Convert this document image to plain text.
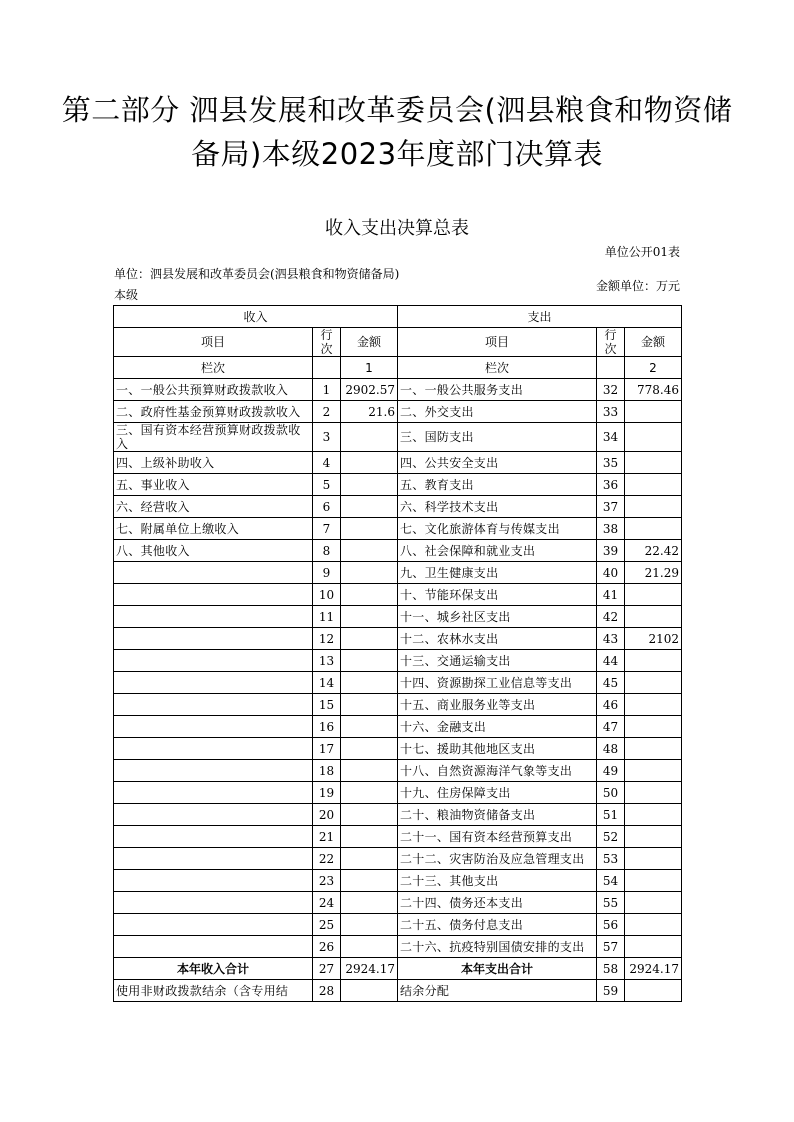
第二部分 泗县发展和改革委员会(泗县粮食和物资储备局)本级2023年度部门决算表
收入支出决算总表
单位公开01表
单位：泗县发展和改革委员会(泗县粮食和物资储备局)本级
金额单位：万元
收入			支出		
项目	行次	金额	项目	行次	金额
栏次		1	栏次		2
一、一般公共预算财政拨款收入	1	2902.57	一、一般公共服务支出	32	778.46
二、政府性基金预算财政拨款收入	2	21.6	二、外交支出	33	
三、国有资本经营预算财政拨款收入	3		三、国防支出	34	
四、上级补助收入	4		四、公共安全支出	35	
五、事业收入	5		五、教育支出	36	
六、经营收入	6		六、科学技术支出	37	
七、附属单位上缴收入	7		七、文化旅游体育与传媒支出	38	
八、其他收入	8		八、社会保障和就业支出	39	22.42
	9		九、卫生健康支出	40	21.29
	10		十、节能环保支出	41	
	11		十一、城乡社区支出	42	
	12		十二、农林水支出	43	2102
	13		十三、交通运输支出	44	
	14		十四、资源勘探工业信息等支出	45	
	15		十五、商业服务业等支出	46	
	16		十六、金融支出	47	
	17		十七、援助其他地区支出	48	
	18		十八、自然资源海洋气象等支出	49	
	19		十九、住房保障支出	50	
	20		二十、粮油物资储备支出	51	
	21		二十一、国有资本经营预算支出	52	
	22		二十二、灾害防治及应急管理支出	53	
	23		二十三、其他支出	54	
	24		二十四、债务还本支出	55	
	25		二十五、债务付息支出	56	
	26		二十六、抗疫特别国债安排的支出	57	
本年收入合计	27	2924.17	本年支出合计	58	2924.17
使用非财政拨款结余（含专用结	28		结余分配	59	
